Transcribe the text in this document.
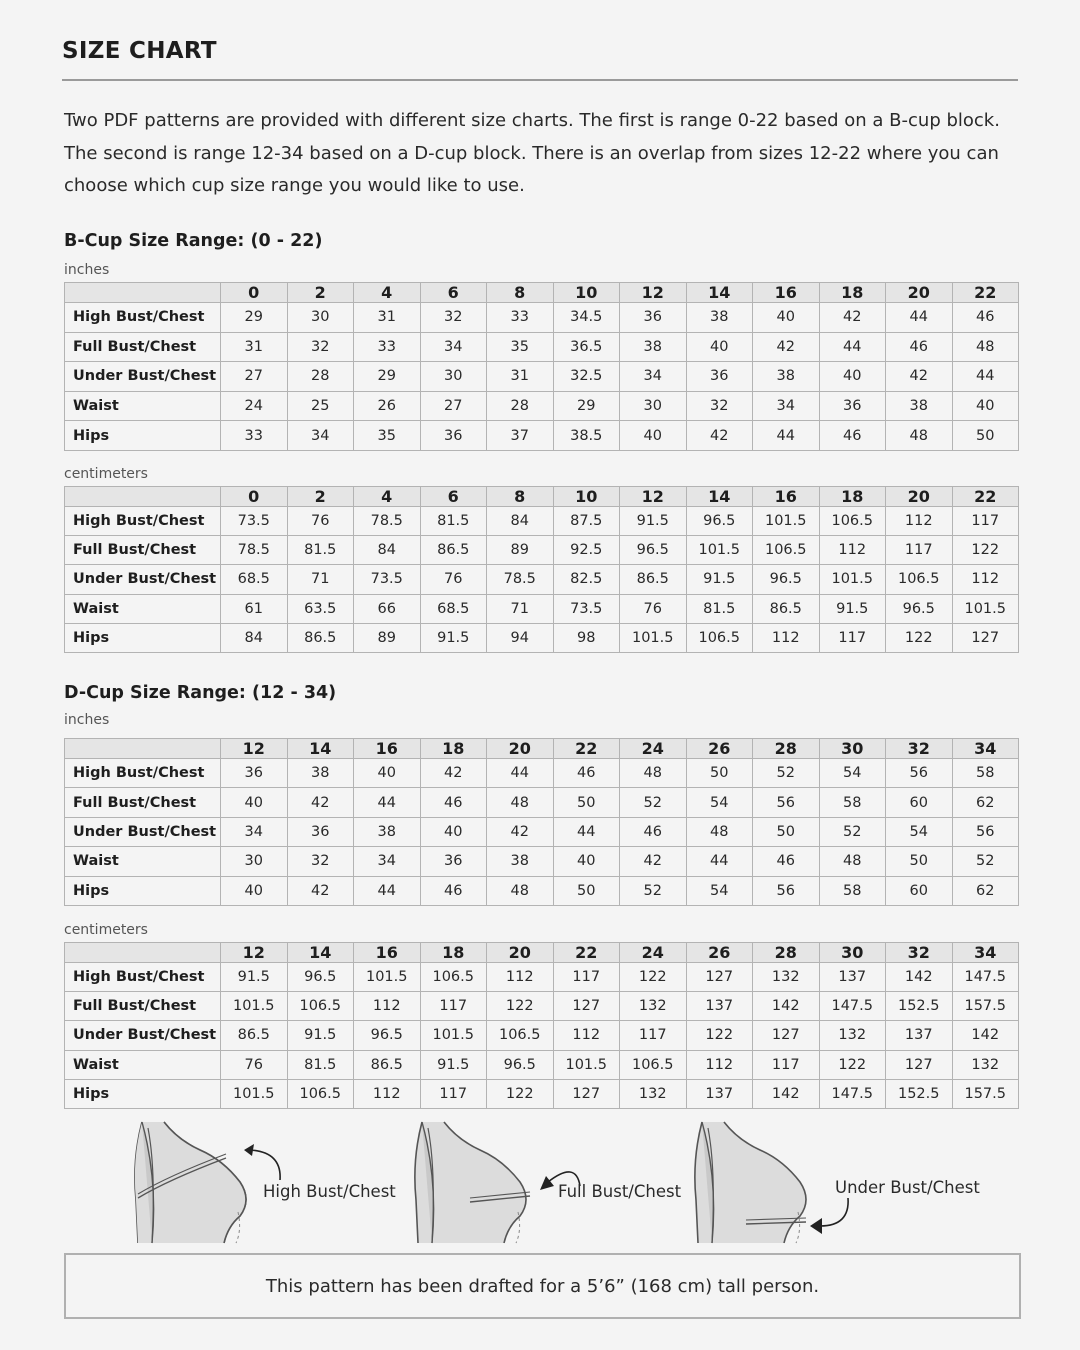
SIZE CHART
Two PDF patterns are provided with different size charts. The first is range 0-22 based on a B-cup block. The second is range 12-34 based on a D-cup block. There is an overlap from sizes 12-22 where you can choose which cup size range you would like to use.
B-Cup Size Range: (0 - 22)
inches
	0	2	4	6	8	10	12	14	16	18	20	22
High Bust/Chest	29	30	31	32	33	34.5	36	38	40	42	44	46
Full Bust/Chest	31	32	33	34	35	36.5	38	40	42	44	46	48
Under Bust/Chest	27	28	29	30	31	32.5	34	36	38	40	42	44
Waist	24	25	26	27	28	29	30	32	34	36	38	40
Hips	33	34	35	36	37	38.5	40	42	44	46	48	50
centimeters
	0	2	4	6	8	10	12	14	16	18	20	22
High Bust/Chest	73.5	76	78.5	81.5	84	87.5	91.5	96.5	101.5	106.5	112	117
Full Bust/Chest	78.5	81.5	84	86.5	89	92.5	96.5	101.5	106.5	112	117	122
Under Bust/Chest	68.5	71	73.5	76	78.5	82.5	86.5	91.5	96.5	101.5	106.5	112
Waist	61	63.5	66	68.5	71	73.5	76	81.5	86.5	91.5	96.5	101.5
Hips	84	86.5	89	91.5	94	98	101.5	106.5	112	117	122	127
D-Cup Size Range: (12 - 34)
inches
	12	14	16	18	20	22	24	26	28	30	32	34
High Bust/Chest	36	38	40	42	44	46	48	50	52	54	56	58
Full Bust/Chest	40	42	44	46	48	50	52	54	56	58	60	62
Under Bust/Chest	34	36	38	40	42	44	46	48	50	52	54	56
Waist	30	32	34	36	38	40	42	44	46	48	50	52
Hips	40	42	44	46	48	50	52	54	56	58	60	62
centimeters
	12	14	16	18	20	22	24	26	28	30	32	34
High Bust/Chest	91.5	96.5	101.5	106.5	112	117	122	127	132	137	142	147.5
Full Bust/Chest	101.5	106.5	112	117	122	127	132	137	142	147.5	152.5	157.5
Under Bust/Chest	86.5	91.5	96.5	101.5	106.5	112	117	122	127	132	137	142
Waist	76	81.5	86.5	91.5	96.5	101.5	106.5	112	117	122	127	132
Hips	101.5	106.5	112	117	122	127	132	137	142	147.5	152.5	157.5
High Bust/Chest	Full Bust/Chest	Under Bust/Chest
This pattern has been drafted for a 5’6” (168 cm) tall person.
